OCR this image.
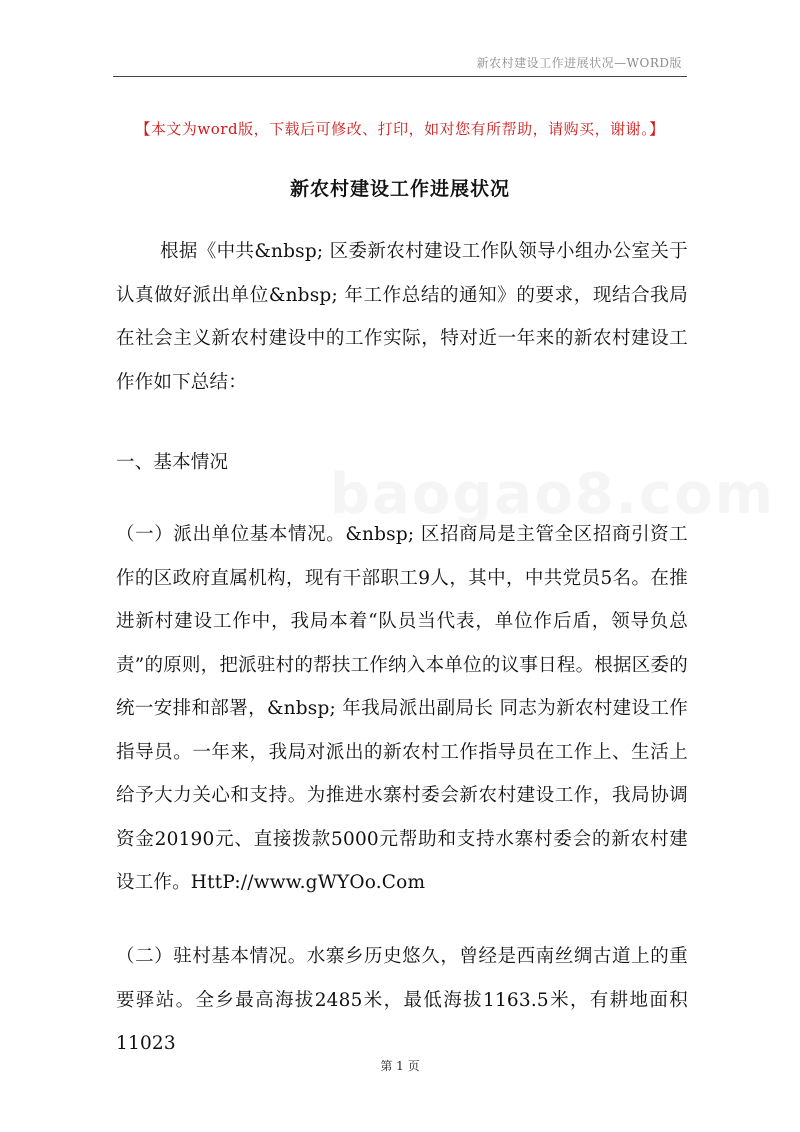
新农村建设工作进展状况—WORD版
【本文为word版，下载后可修改、打印，如对您有所帮助，请购买，谢谢。】
新农村建设工作进展状况

根据《中共&nbsp; 区委新农村建设工作队领导小组办公室关于认真做好派出单位&nbsp; 年工作总结的通知》的要求，现结合我局在社会主义新农村建设中的工作实际，特对近一年来的新农村建设工作作如下总结：

一、基本情况

（一）派出单位基本情况。&nbsp; 区招商局是主管全区招商引资工作的区政府直属机构，现有干部职工9人，其中，中共党员5名。在推进新村建设工作中，我局本着“队员当代表，单位作后盾，领导负总责”的原则，把派驻村的帮扶工作纳入本单位的议事日程。根据区委的统一安排和部署，&nbsp; 年我局派出副局长 同志为新农村建设工作指导员。一年来，我局对派出的新农村工作指导员在工作上、生活上给予大力关心和支持。为推进水寨村委会新农村建设工作，我局协调资金20190元、直接拨款5000元帮助和支持水寨村委会的新农村建设工作。HttP://www.gWYOo.Com

baogao8.com

（二）驻村基本情况。水寨乡历史悠久，曾经是西南丝绸古道上的重要驿站。全乡最高海拔2485米，最低海拔1163.5米，有耕地面积11023

第 1 页
